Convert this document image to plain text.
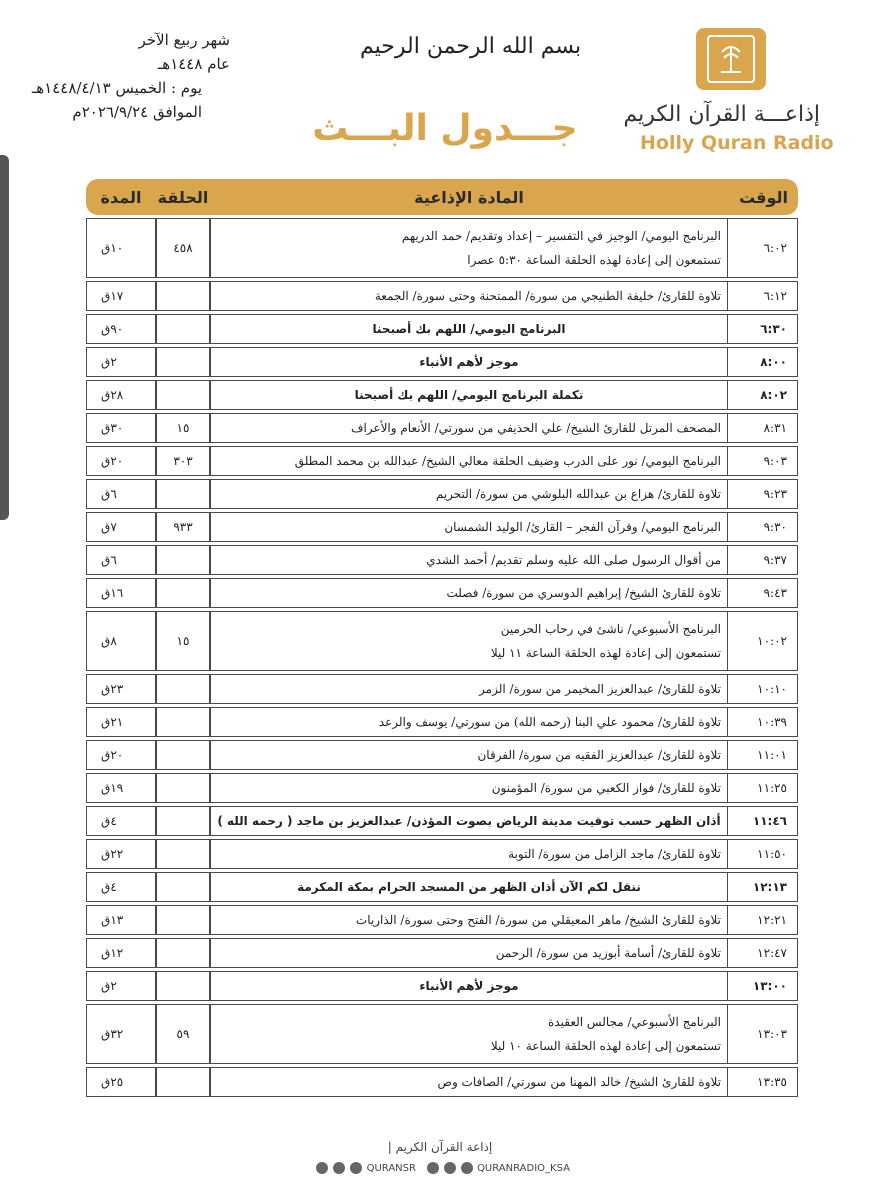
شهر ربيع الآخر
عام ١٤٤٨هـ
يوم : الخميس ١٤٤٨/٤/١٣هـ
الموافق ٢٠٢٦/٩/٢٤م
بسم الله الرحمن الرحيم
جـــدول البـــث	إذاعـــة القرآن الكريم
Holly Quran Radio
الوقت	المادة الإذاعية	الحلقة	المدة
٦:٠٢	البرنامج اليومي/ الوجيز في التفسير – إعداد وتقديم/ حمد الدريهم
تستمعون إلى إعادة لهذه الحلقة الساعة ٥:٣٠ عصرا	٤٥٨	١٠ق
٦:١٢	تلاوة للقارئ/ خليفة الطنيجي من سورة/ الممتحنة وحتى سورة/ الجمعة		١٧ق
٦:٣٠	البرنامج اليومي/ اللهم بك أصبحنا		٩٠ق
٨:٠٠	موجز لأهم الأنباء		٢ق
٨:٠٢	تكملة البرنامج اليومي/ اللهم بك أصبحنا		٢٨ق
٨:٣١	المصحف المرتل للقارئ الشيخ/ علي الحذيفي من سورتي/ الأنعام والأعراف	١٥	٣٠ق
٩:٠٣	البرنامج اليومي/ نور على الدرب وضيف الحلقة معالي الشيخ/ عبدالله بن محمد المطلق	٣٠٣	٢٠ق
٩:٢٣	تلاوة للقارئ/ هزاع بن عبدالله البلوشي من سورة/ التحريم		٦ق
٩:٣٠	البرنامج اليومي/ وقرآن الفجر – القارئ/ الوليد الشمسان	٩٣٣	٧ق
٩:٣٧	من أقوال الرسول صلى الله عليه وسلم تقديم/ أحمد الشدي		٦ق
٩:٤٣	تلاوة للقارئ الشيخ/ إبراهيم الدوسري من سورة/ فصلت		١٦ق
١٠:٠٢	البرنامج الأسبوعي/ ناشئ في رحاب الحرمين
تستمعون إلى إعادة لهذه الحلقة الساعة ١١ ليلا	١٥	٨ق
١٠:١٠	تلاوة للقارئ/ عبدالعزيز المخيمر من سورة/ الزمر		٢٣ق
١٠:٣٩	تلاوة للقارئ/ محمود علي البنا (رحمه الله) من سورتي/ يوسف والرعد		٢١ق
١١:٠١	تلاوة للقارئ/ عبدالعزيز الفقيه من سورة/ الفرقان		٢٠ق
١١:٢٥	تلاوة للقارئ/ فواز الكعبي من سورة/ المؤمنون		١٩ق
١١:٤٦	أذان الظهر حسب توقيت مدينة الرياض بصوت المؤذن/ عبدالعزيز بن ماجد ( رحمه الله )		٤ق
١١:٥٠	تلاوة للقارئ/ ماجد الزامل من سورة/ التوبة		٢٢ق
١٢:١٣	ننقل لكم الآن أذان الظهر من المسجد الحرام بمكة المكرمة		٤ق
١٢:٢١	تلاوة للقارئ الشيخ/ ماهر المعيقلي من سورة/ الفتح وحتى سورة/ الذاريات		١٣ق
١٢:٤٧	تلاوة للقارئ/ أسامة أبوزيد من سورة/ الرحمن		١٢ق
١٣:٠٠	موجز لأهم الأنباء		٢ق
١٣:٠٣	البرنامج الأسبوعي/ مجالس العقيدة
تستمعون إلى إعادة لهذه الحلقة الساعة ١٠ ليلا	٥٩	٣٢ق
١٣:٣٥	تلاوة للقارئ الشيخ/ خالد المهنا من سورتي/ الصافات وص		٢٥ق
إذاعة القرآن الكريم |
QURANSR	QURANRADIO_KSA
